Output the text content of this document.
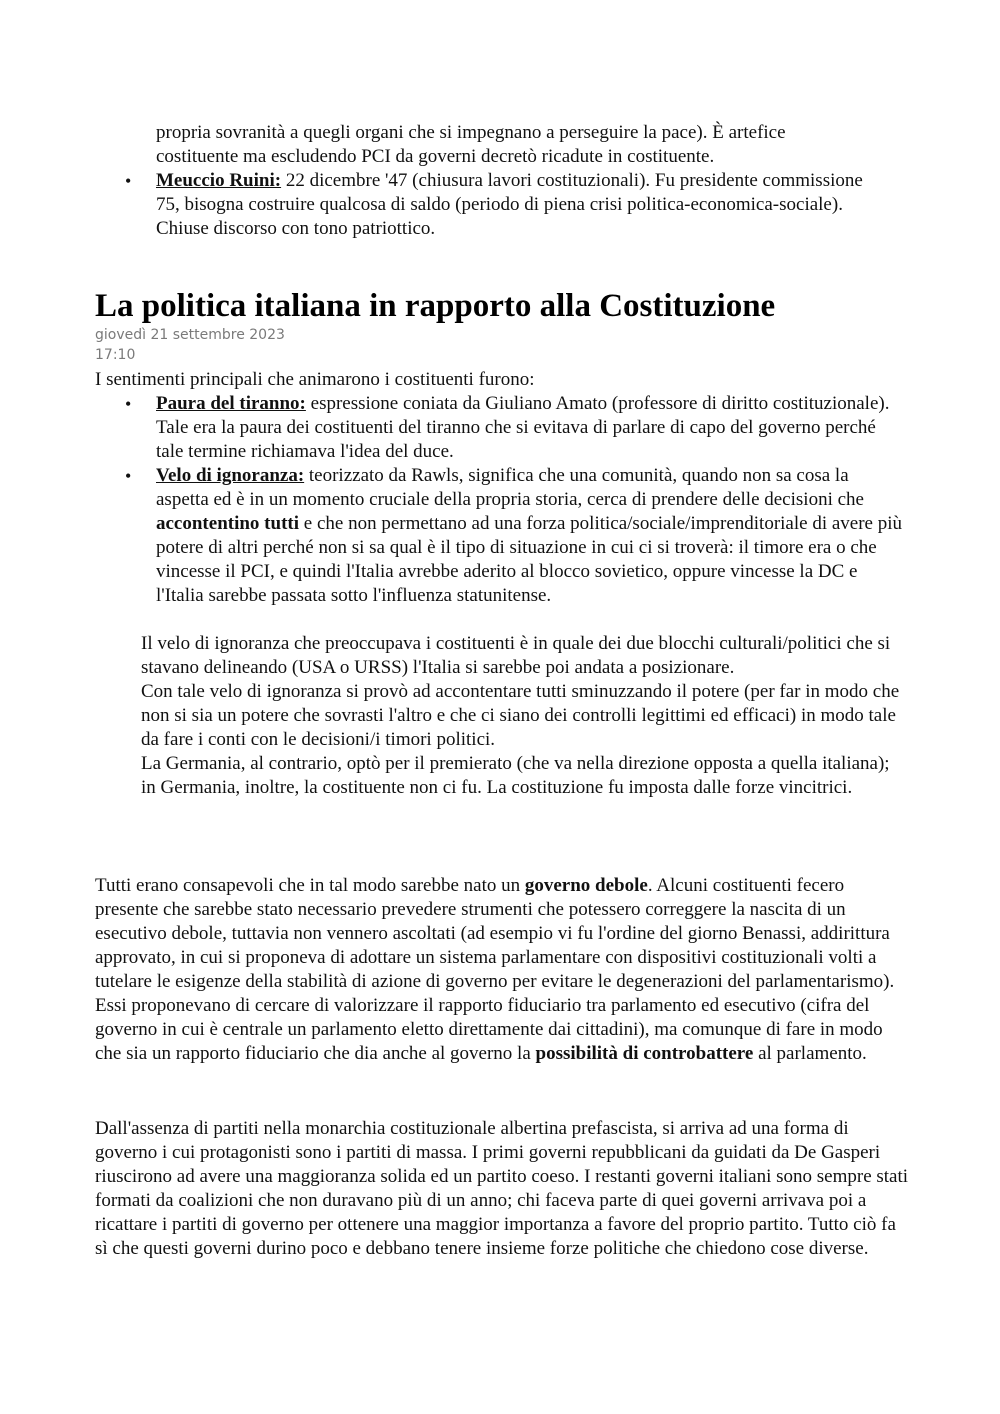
propria sovranità a quegli organi che si impegnano a perseguire la pace). È artefice

costituente ma escludendo PCI da governi decretò ricadute in costituente.

• Meuccio Ruini: 22 dicembre '47 (chiusura lavori costituzionali). Fu presidente commissione 75, bisogna costruire qualcosa di saldo (periodo di piena crisi politica-economica-sociale). Chiuse discorso con tono patriottico.
La politica italiana in rapporto alla Costituzione
giovedì 21 settembre 2023
17:10

I sentimenti principali che animarono i costituenti furono:

• Paura del tiranno: espressione coniata da Giuliano Amato (professore di diritto costituzionale). Tale era la paura dei costituenti del tiranno che si evitava di parlare di capo del governo perché tale termine richiamava l'idea del duce.
• Velo di ignoranza: teorizzato da Rawls, significa che una comunità, quando non sa cosa la aspetta ed è in un momento cruciale della propria storia, cerca di prendere delle decisioni che accontentino tutti e che non permettano ad una forza politica/sociale/imprenditoriale di avere più potere di altri perché non si sa qual è il tipo di situazione in cui ci si troverà: il timore era o che vincesse il PCI, e quindi l'Italia avrebbe aderito al blocco sovietico, oppure vincesse la DC e l'Italia sarebbe passata sotto l'influenza statunitense.

Il velo di ignoranza che preoccupava i costituenti è in quale dei due blocchi culturali/politici che si stavano delineando (USA o URSS) l'Italia si sarebbe poi andata a posizionare.

Con tale velo di ignoranza si provò ad accontentare tutti sminuzzando il potere (per far in modo che non si sia un potere che sovrasti l'altro e che ci siano dei controlli legittimi ed efficaci) in modo tale da fare i conti con le decisioni/i timori politici.

La Germania, al contrario, optò per il premierato (che va nella direzione opposta a quella italiana); in Germania, inoltre, la costituente non ci fu. La costituzione fu imposta dalle forze vincitrici.

Tutti erano consapevoli che in tal modo sarebbe nato un governo debole. Alcuni costituenti fecero presente che sarebbe stato necessario prevedere strumenti che potessero correggere la nascita di un esecutivo debole, tuttavia non vennero ascoltati (ad esempio vi fu l'ordine del giorno Benassi, addirittura approvato, in cui si proponeva di adottare un sistema parlamentare con dispositivi costituzionali volti a tutelare le esigenze della stabilità di azione di governo per evitare le degenerazioni del parlamentarismo). Essi proponevano di cercare di valorizzare il rapporto fiduciario tra parlamento ed esecutivo (cifra del governo in cui è centrale un parlamento eletto direttamente dai cittadini), ma comunque di fare in modo che sia un rapporto fiduciario che dia anche al governo la possibilità di controbattere al parlamento.

Dall'assenza di partiti nella monarchia costituzionale albertina prefascista, si arriva ad una forma di governo i cui protagonisti sono i partiti di massa. I primi governi repubblicani da guidati da De Gasperi riuscirono ad avere una maggioranza solida ed un partito coeso. I restanti governi italiani sono sempre stati formati da coalizioni che non duravano più di un anno; chi faceva parte di quei governi arrivava poi a ricattare i partiti di governo per ottenere una maggior importanza a favore del proprio partito. Tutto ciò fa sì che questi governi durino poco e debbano tenere insieme forze politiche che chiedono cose diverse.
